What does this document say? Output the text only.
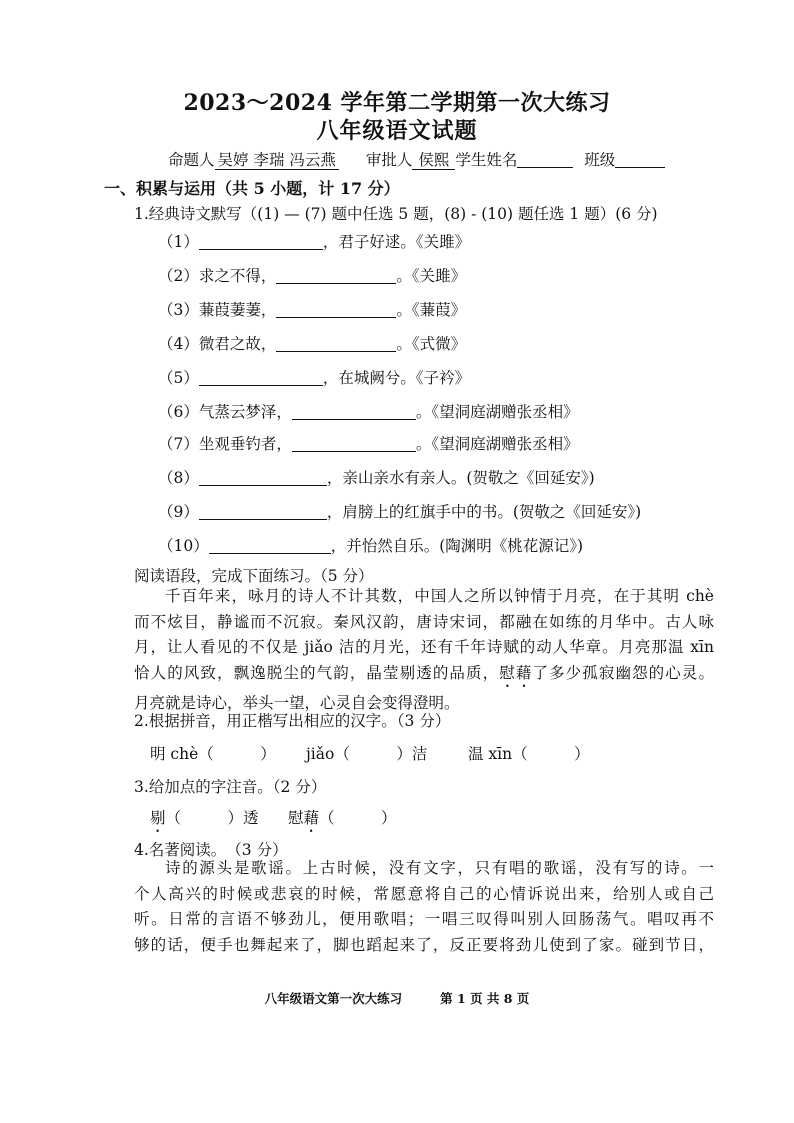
2023～2024 学年第二学期第一次大练习
八年级语文试题
命题人 吴婷 李瑞 冯云燕 审批人 侯熙 学生姓名	班级
一、积累与运用（共 5 小题，计 17 分）
1.经典诗文默写（(1) — (7) 题中任选 5 题，(8) - (10) 题任选 1 题）(6 分)
（1）	，君子好逑。《关雎》
（2）求之不得，	。《关雎》
（3）蒹葭萋萋，	。《蒹葭》
（4）微君之故，	。《式微》
（5）	，在城阙兮。《子衿》
（6）气蒸云梦泽，	。《望洞庭湖赠张丞相》
（7）坐观垂钓者，	。《望洞庭湖赠张丞相》
（8）	，亲山亲水有亲人。(贺敬之《回延安》)
（9）	，肩膀上的红旗手中的书。(贺敬之《回延安》)
（10）	，并怡然自乐。(陶渊明《桃花源记》)
阅读语段，完成下面练习。（5 分）

千百年来，咏月的诗人不计其数，中国人之所以钟情于月亮，在于其明 chè

而不炫目，静谧而不沉寂。秦风汉韵，唐诗宋词，都融在如练的月华中。古人咏

月，让人看见的不仅是 jiǎo 洁的月光，还有千年诗赋的动人华章。月亮那温 xīn

恰人的风致，飘逸脱尘的气韵，晶莹剔透的品质，慰藉了多少孤寂幽怨的心灵。

月亮就是诗心，举头一望，心灵自会变得澄明。

2.根据拼音，用正楷写出相应的汉字。（3 分）
明 chè（　　　） jiǎo（　　　）洁	温 xīn（　　　）
3.给加点的字注音。（2 分）
剔（　　　）透 慰藉（　　　）
4.名著阅读。　（3 分）

诗的源头是歌谣。上古时候，没有文字，只有唱的歌谣，没有写的诗。一

个人高兴的时候或悲哀的时候，常愿意将自己的心情诉说出来，给别人或自己

听。日常的言语不够劲儿，便用歌唱；一唱三叹得叫别人回肠荡气。唱叹再不

够的话，便手也舞起来了，脚也蹈起来了，反正要将劲儿使到了家。碰到节日，

八年级语文第一次大练习	第 1 页 共 8 页
